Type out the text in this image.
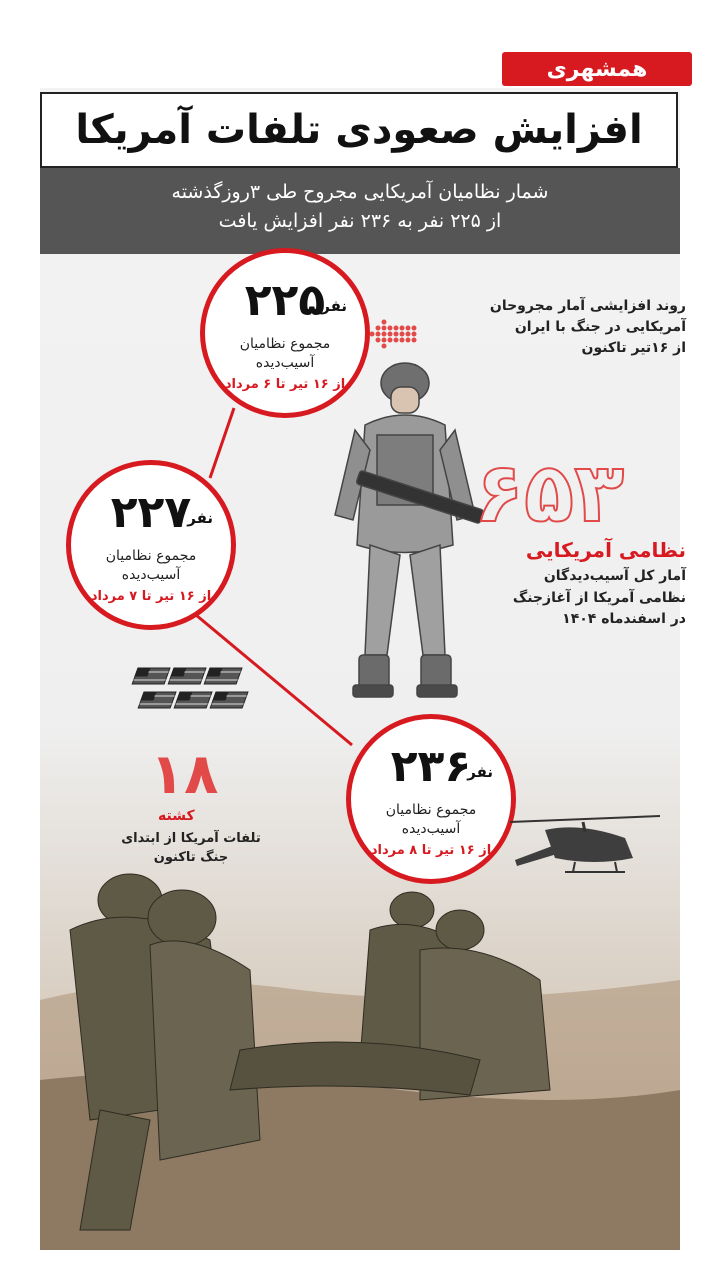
همشهری
افزایش صعودی تلفات آمریکا
شمار نظامیان آمریکایی مجروح طی ۳روزگذشته
از ۲۲۵ نفر به ۲۳۶ نفر افزایش یافت
۲۲۵
نفر
مجموع نظامیان
آسیب‌دیده
از ۱۶ تیر تا ۶ مرداد
۲۲۷
نفر
مجموع نظامیان
آسیب‌دیده
از ۱۶ تیر تا ۷ مرداد
۲۳۶
نفر
مجموع نظامیان
آسیب‌دیده
از ۱۶ تیر تا ۸ مرداد
روند افزایشی آمار مجروحان
آمریکایی در جنگ با ایران
از ۱۶تیر تاکنون
۶۵۳
نظامی آمریکایی
آمار کل آسیب‌دیدگان
نظامی آمریکا از آغازجنگ
در اسفندماه ۱۴۰۴
۱۸
کشته
تلفات آمریکا از ابتدای
جنگ تاکنون
